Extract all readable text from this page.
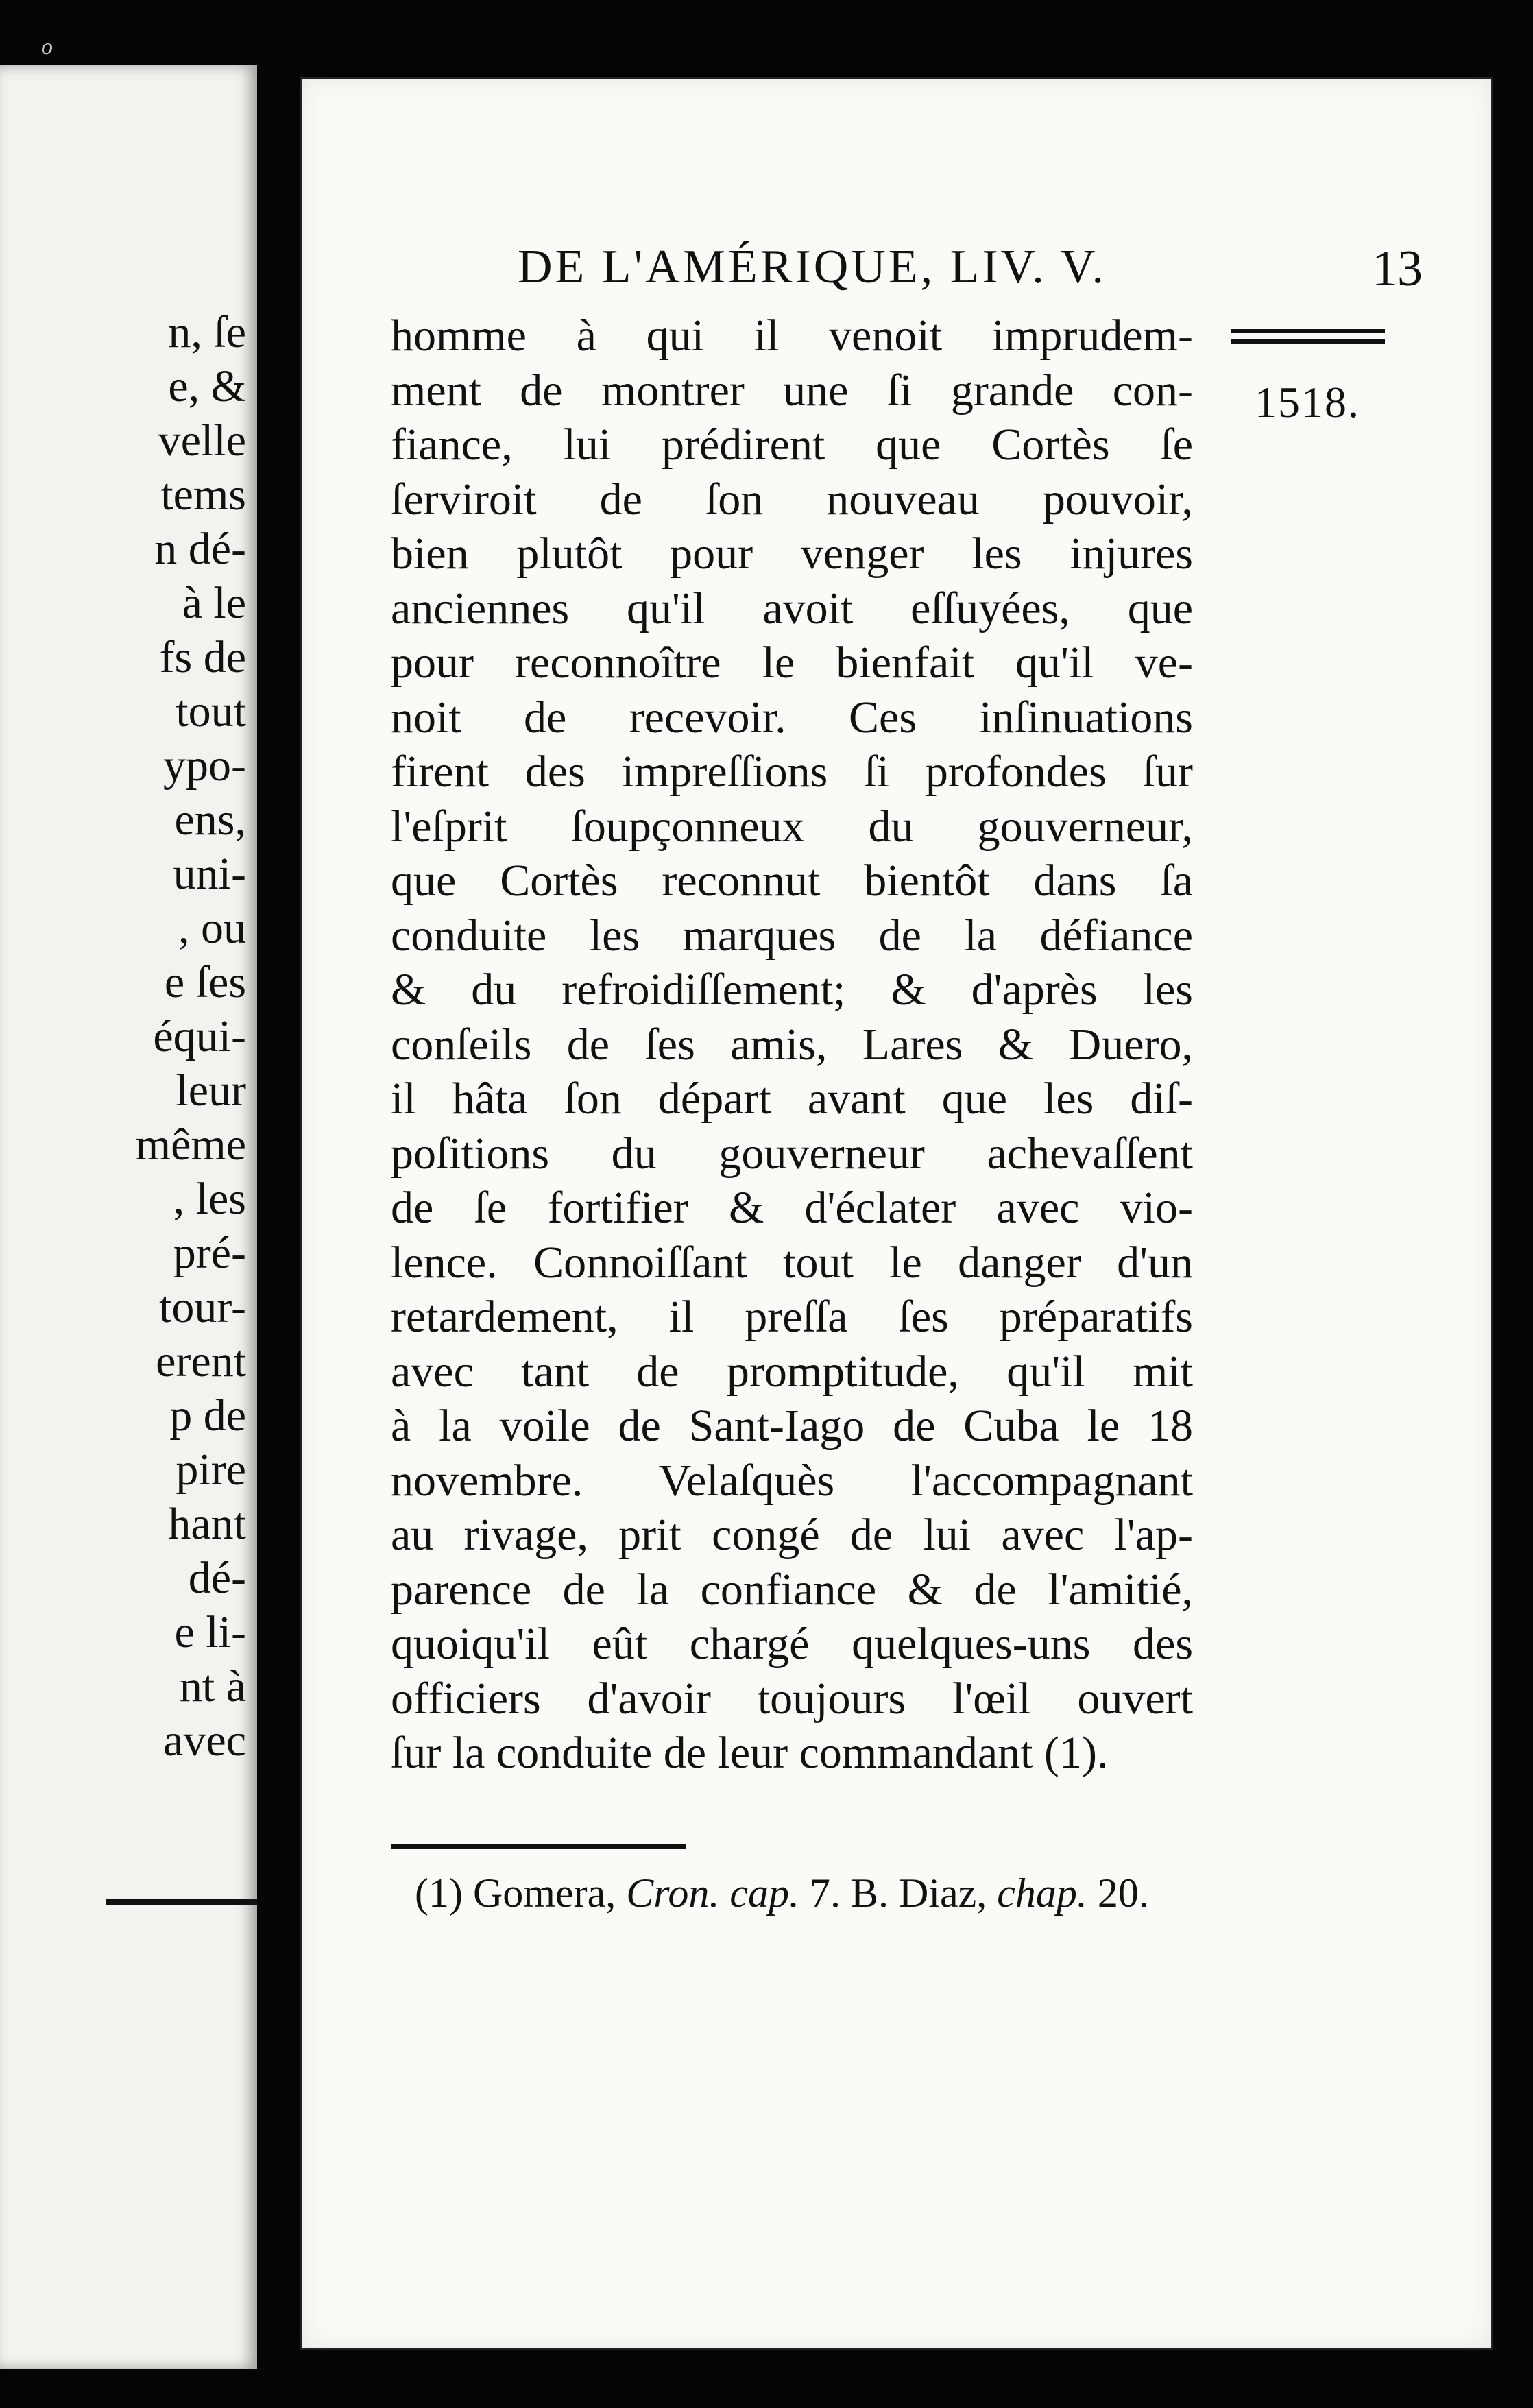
n, ſe
e, &
velle
tems
n dé-
à le
fs de
tout
ypo-
ens,
uni-
, ou
e ſes
équi-
leur
même
, les
pré-
tour-
erent
p de
pire
hant
dé-
e li-
nt à
avec
o
DE L'AMÉRIQUE, LIV. V.	13
1518.
homme à qui il venoit imprudem-
ment de montrer une ſi grande con-
fiance, lui prédirent que Cortès ſe
ſerviroit de ſon nouveau pouvoir,
bien plutôt pour venger les injures
anciennes qu'il avoit eſſuyées, que
pour reconnoître le bienfait qu'il ve-
noit de recevoir. Ces inſinuations
firent des impreſſions ſi profondes ſur
l'eſprit ſoupçonneux du gouverneur,
que Cortès reconnut bientôt dans ſa
conduite les marques de la défiance
& du refroidiſſement; & d'après les
conſeils de ſes amis, Lares & Duero,
il hâta ſon départ avant que les diſ-
poſitions du gouverneur achevaſſent
de ſe fortifier & d'éclater avec vio-
lence. Connoiſſant tout le danger d'un
retardement, il preſſa ſes préparatifs
avec tant de promptitude, qu'il mit
à la voile de Sant-Iago de Cuba le 18
novembre. Velaſquès l'accompagnant
au rivage, prit congé de lui avec l'ap-
parence de la confiance & de l'amitié,
quoiqu'il eût chargé quelques-uns des
officiers d'avoir toujours l'œil ouvert
ſur la conduite de leur commandant (1).
(1) Gomera, Cron. cap. 7. B. Diaz, chap. 20.
